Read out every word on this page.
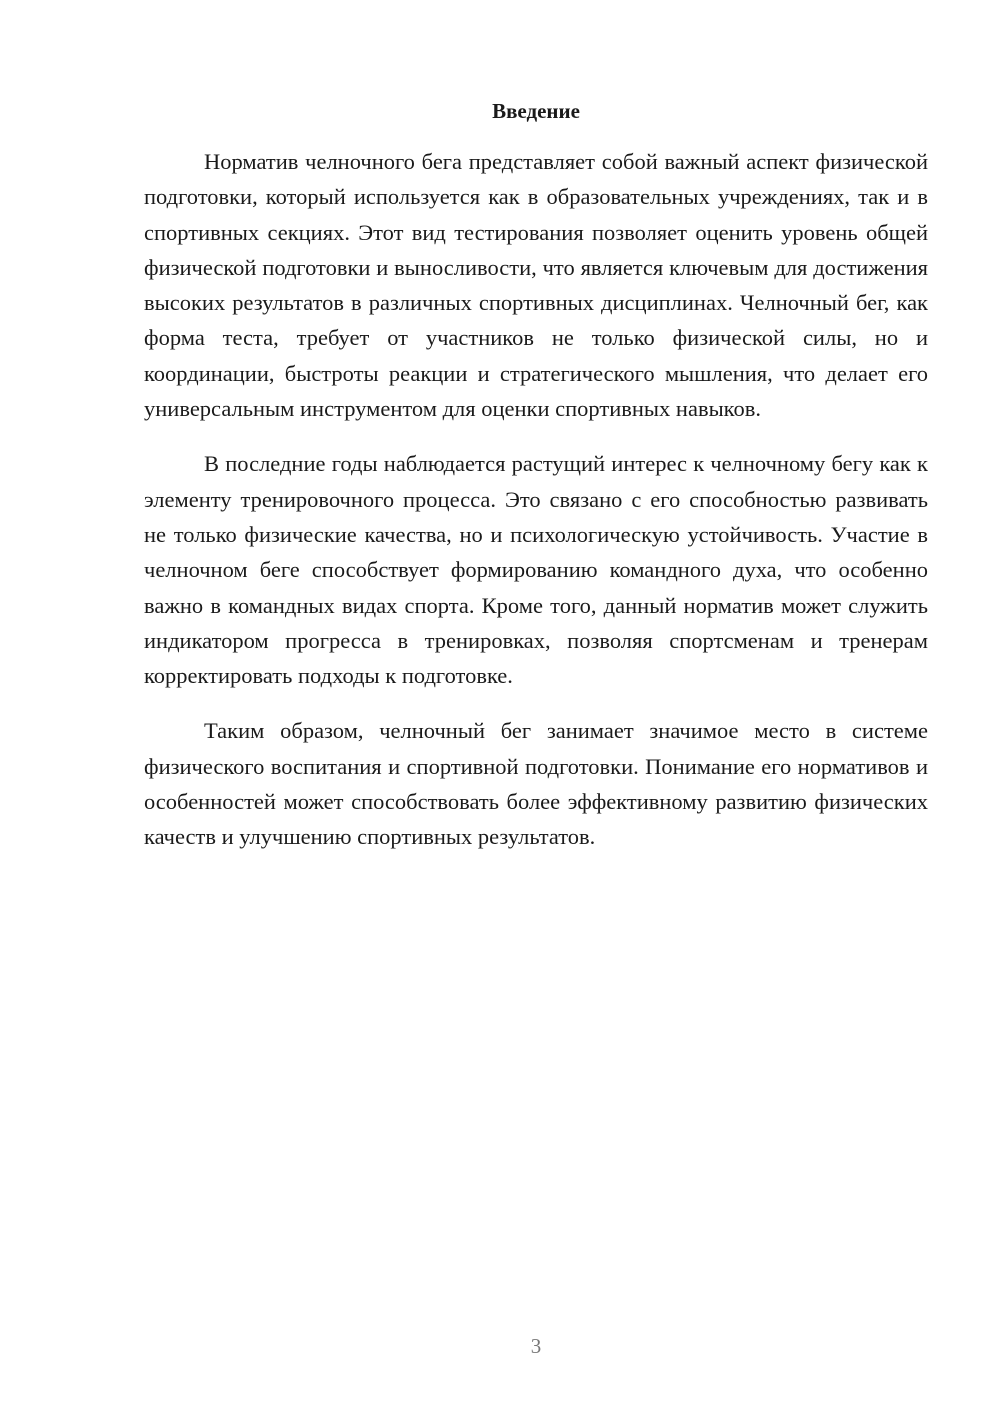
Введение

Норматив челночного бега представляет собой важный аспект физической подготовки, который используется как в образовательных учреждениях, так и в спортивных секциях. Этот вид тестирования позволяет оценить уровень общей физической подготовки и выносливости, что является ключевым для достижения высоких результатов в различных спортивных дисциплинах. Челночный бег, как форма теста, требует от участников не только физической силы, но и координации, быстроты реакции и стратегического мышления, что делает его универсальным инструментом для оценки спортивных навыков.

В последние годы наблюдается растущий интерес к челночному бегу как к элементу тренировочного процесса. Это связано с его способностью развивать не только физические качества, но и психологическую устойчивость. Участие в челночном беге способствует формированию командного духа, что особенно важно в командных видах спорта. Кроме того, данный норматив может служить индикатором прогресса в тренировках, позволяя спортсменам и тренерам корректировать подходы к подготовке.

Таким образом, челночный бег занимает значимое место в системе физического воспитания и спортивной подготовки. Понимание его нормативов и особенностей может способствовать более эффективному развитию физических качеств и улучшению спортивных результатов.

3
